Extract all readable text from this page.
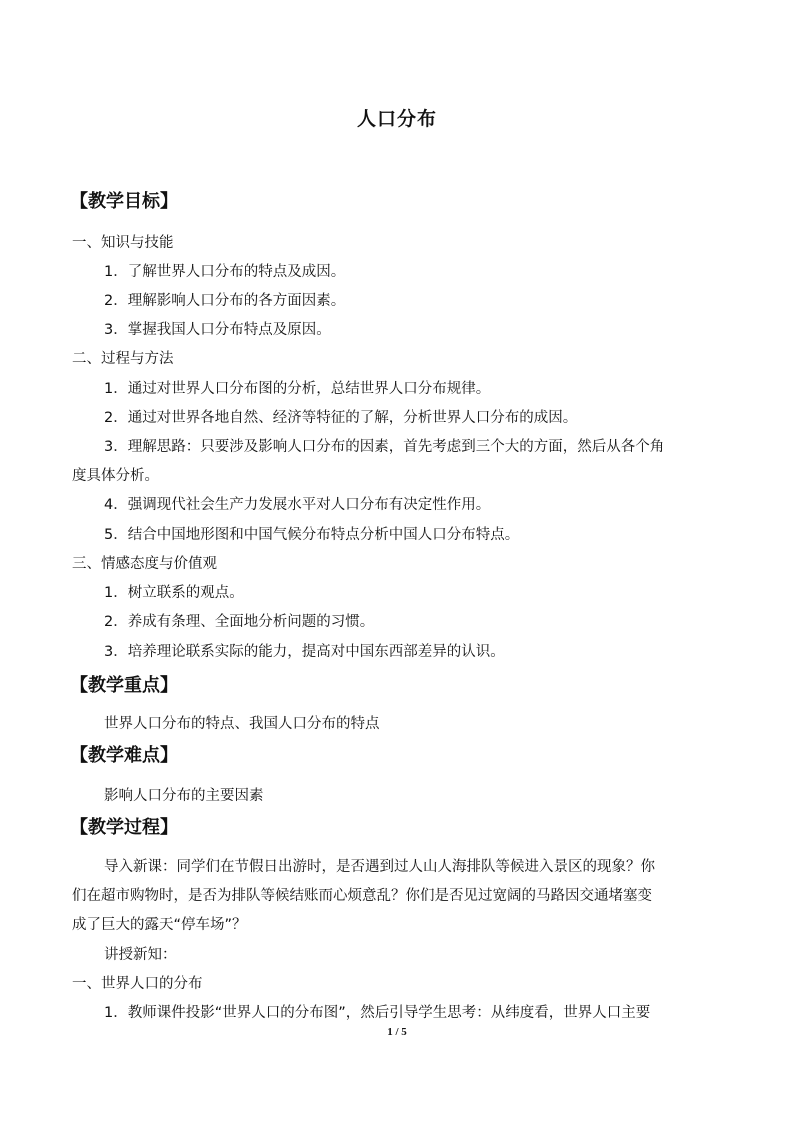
人口分布
【教学目标】
一、知识与技能
1．了解世界人口分布的特点及成因。
2．理解影响人口分布的各方面因素。
3．掌握我国人口分布特点及原因。
二、过程与方法
1．通过对世界人口分布图的分析，总结世界人口分布规律。
2．通过对世界各地自然、经济等特征的了解，分析世界人口分布的成因。
3．理解思路：只要涉及影响人口分布的因素，首先考虑到三个大的方面，然后从各个角
度具体分析。
4．强调现代社会生产力发展水平对人口分布有决定性作用。
5．结合中国地形图和中国气候分布特点分析中国人口分布特点。
三、情感态度与价值观
1．树立联系的观点。
2．养成有条理、全面地分析问题的习惯。
3．培养理论联系实际的能力，提高对中国东西部差异的认识。
【教学重点】
世界人口分布的特点、我国人口分布的特点
【教学难点】
影响人口分布的主要因素
【教学过程】
导入新课：同学们在节假日出游时，是否遇到过人山人海排队等候进入景区的现象？你
们在超市购物时，是否为排队等候结账而心烦意乱？你们是否见过宽阔的马路因交通堵塞变
成了巨大的露天“停车场”？
讲授新知：
一、世界人口的分布
1．教师课件投影“世界人口的分布图”，然后引导学生思考：从纬度看，世界人口主要
1 / 5
